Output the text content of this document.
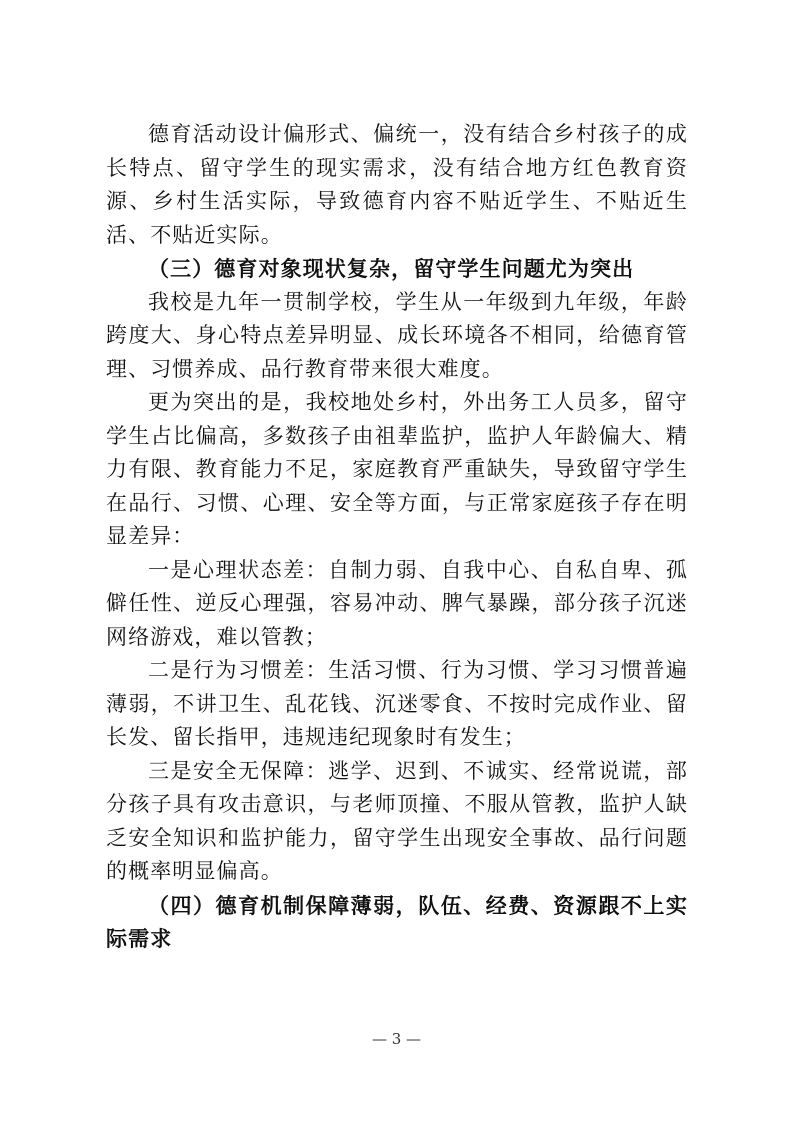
德育活动设计偏形式、偏统一，没有结合乡村孩子的成长特点、留守学生的现实需求，没有结合地方红色教育资源、乡村生活实际，导致德育内容不贴近学生、不贴近生活、不贴近实际。

（三）德育对象现状复杂，留守学生问题尤为突出

我校是九年一贯制学校，学生从一年级到九年级，年龄跨度大、身心特点差异明显、成长环境各不相同，给德育管理、习惯养成、品行教育带来很大难度。

更为突出的是，我校地处乡村，外出务工人员多，留守学生占比偏高，多数孩子由祖辈监护，监护人年龄偏大、精力有限、教育能力不足，家庭教育严重缺失，导致留守学生在品行、习惯、心理、安全等方面，与正常家庭孩子存在明显差异：

一是心理状态差：自制力弱、自我中心、自私自卑、孤僻任性、逆反心理强，容易冲动、脾气暴躁，部分孩子沉迷网络游戏，难以管教；

二是行为习惯差：生活习惯、行为习惯、学习习惯普遍薄弱，不讲卫生、乱花钱、沉迷零食、不按时完成作业、留长发、留长指甲，违规违纪现象时有发生；

三是安全无保障：逃学、迟到、不诚实、经常说谎，部分孩子具有攻击意识，与老师顶撞、不服从管教，监护人缺乏安全知识和监护能力，留守学生出现安全事故、品行问题的概率明显偏高。

（四）德育机制保障薄弱，队伍、经费、资源跟不上实际需求

— 3 —
